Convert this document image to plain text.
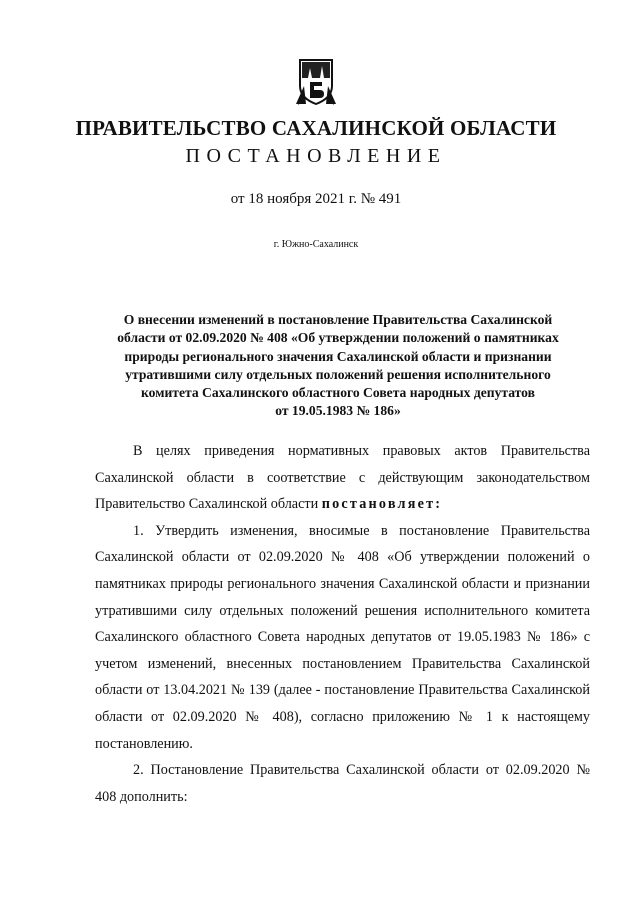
ПРАВИТЕЛЬСТВО САХАЛИНСКОЙ ОБЛАСТИ
ПОСТАНОВЛЕНИЕ
от 18 ноября 2021 г. № 491
г. Южно-Сахалинск
О внесении изменений в постановление Правительства Сахалинской
области от 02.09.2020 № 408 «Об утверждении положений о памятниках
природы регионального значения Сахалинской области и признании
утратившими силу отдельных положений решения исполнительного
комитета Сахалинского областного Совета народных депутатов
от 19.05.1983 № 186»

В целях приведения нормативных правовых актов Правительства Сахалинской области в соответствие с действующим законодательством Правительство Сахалинской области постановляет:

1. Утвердить изменения, вносимые в постановление Правительства Сахалинской области от 02.09.2020 № 408 «Об утверждении положений о памятниках природы регионального значения Сахалинской области и признании утратившими силу отдельных положений решения исполнительного комитета Сахалинского областного Совета народных депутатов от 19.05.1983 № 186» с учетом изменений, внесенных постановлением Правительства Сахалинской области от 13.04.2021 № 139 (далее - постановление Правительства Сахалинской области от 02.09.2020 № 408), согласно приложению № 1 к настоящему постановлению.

2. Постановление Правительства Сахалинской области от 02.09.2020 № 408 дополнить:
